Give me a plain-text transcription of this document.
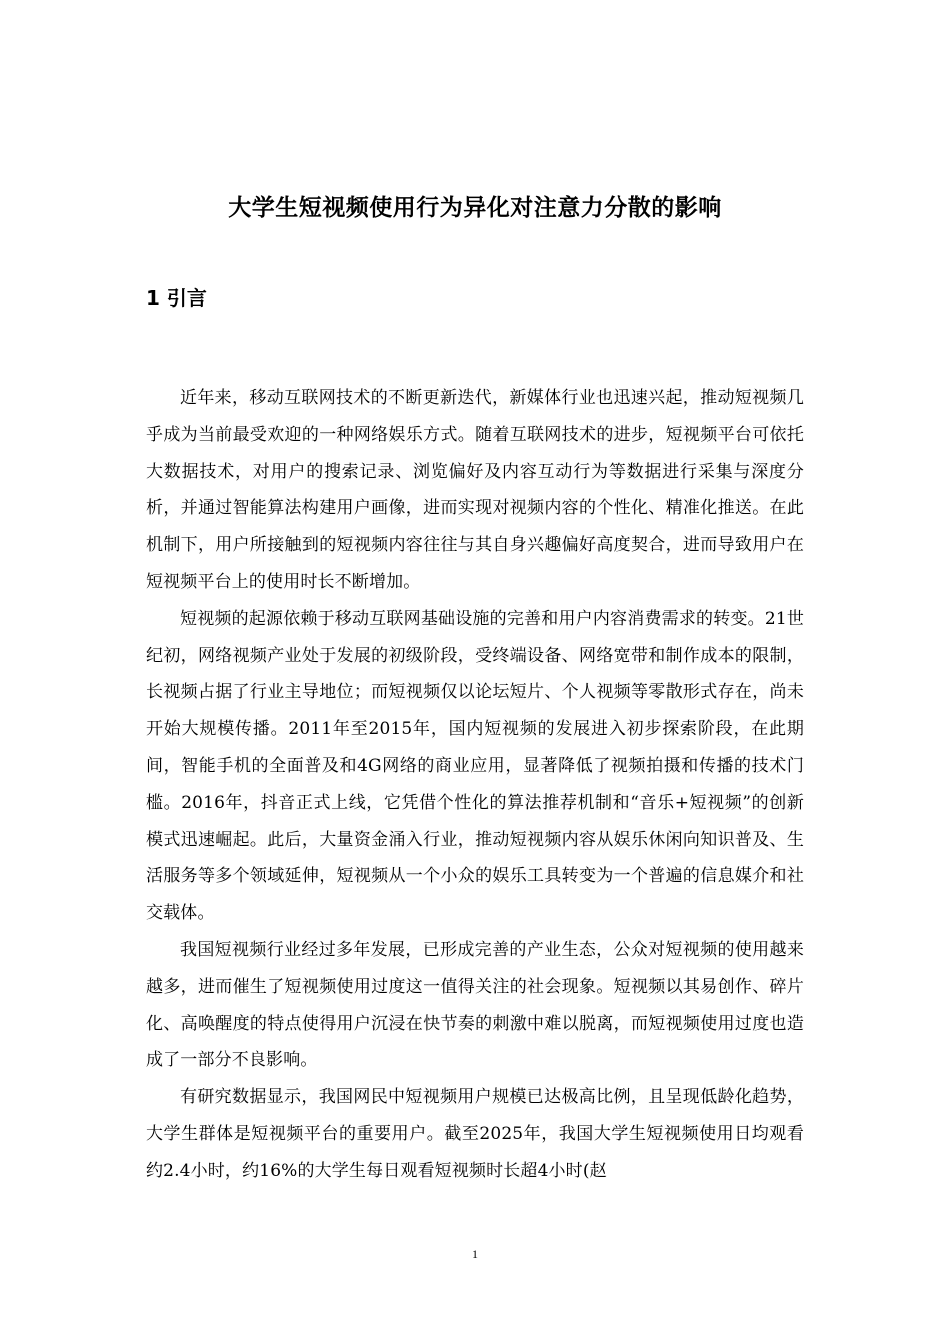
大学生短视频使用行为异化对注意力分散的影响
1 引言

近年来，移动互联网技术的不断更新迭代，新媒体行业也迅速兴起，推动短视频几乎成为当前最受欢迎的一种网络娱乐方式。随着互联网技术的进步，短视频平台可依托大数据技术，对用户的搜索记录、浏览偏好及内容互动行为等数据进行采集与深度分析，并通过智能算法构建用户画像，进而实现对视频内容的个性化、精准化推送。在此机制下，用户所接触到的短视频内容往往与其自身兴趣偏好高度契合，进而导致用户在短视频平台上的使用时长不断增加。

短视频的起源依赖于移动互联网基础设施的完善和用户内容消费需求的转变。21世纪初，网络视频产业处于发展的初级阶段，受终端设备、网络宽带和制作成本的限制，长视频占据了行业主导地位；而短视频仅以论坛短片、个人视频等零散形式存在，尚未开始大规模传播。2011年至2015年，国内短视频的发展进入初步探索阶段，在此期间，智能手机的全面普及和4G网络的商业应用，显著降低了视频拍摄和传播的技术门槛。2016年，抖音正式上线，它凭借个性化的算法推荐机制和“音乐+短视频”的创新模式迅速崛起。此后，大量资金涌入行业，推动短视频内容从娱乐休闲向知识普及、生活服务等多个领域延伸，短视频从一个小众的娱乐工具转变为一个普遍的信息媒介和社交载体。

我国短视频行业经过多年发展，已形成完善的产业生态，公众对短视频的使用越来越多，进而催生了短视频使用过度这一值得关注的社会现象。短视频以其易创作、碎片化、高唤醒度的特点使得用户沉浸在快节奏的刺激中难以脱离，而短视频使用过度也造成了一部分不良影响。

有研究数据显示，我国网民中短视频用户规模已达极高比例，且呈现低龄化趋势，大学生群体是短视频平台的重要用户。截至2025年，我国大学生短视频使用日均观看约2.4小时，约16%的大学生每日观看短视频时长超4小时(赵

1
